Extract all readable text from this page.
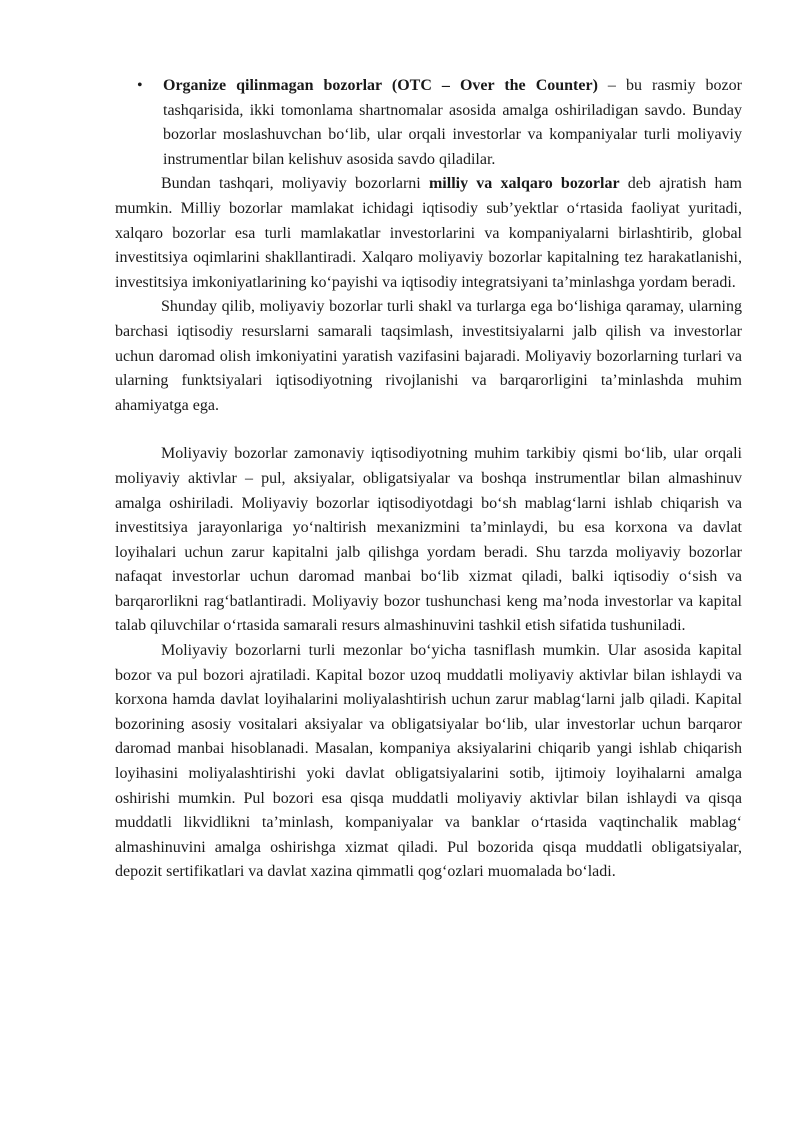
• Organize qilinmagan bozorlar (OTC – Over the Counter) – bu rasmiy bozor tashqarisida, ikki tomonlama shartnomalar asosida amalga oshiriladigan savdo. Bunday bozorlar moslashuvchan bo‘lib, ular orqali investorlar va kompaniyalar turli moliyaviy instrumentlar bilan kelishuv asosida savdo qiladilar.

Bundan tashqari, moliyaviy bozorlarni milliy va xalqaro bozorlar deb ajratish ham mumkin. Milliy bozorlar mamlakat ichidagi iqtisodiy sub’yektlar o‘rtasida faoliyat yuritadi, xalqaro bozorlar esa turli mamlakatlar investorlarini va kompaniyalarni birlashtirib, global investitsiya oqimlarini shakllantiradi. Xalqaro moliyaviy bozorlar kapitalning tez harakatlanishi, investitsiya imkoniyatlarining ko‘payishi va iqtisodiy integratsiyani ta’minlashga yordam beradi.

Shunday qilib, moliyaviy bozorlar turli shakl va turlarga ega bo‘lishiga qaramay, ularning barchasi iqtisodiy resurslarni samarali taqsimlash, investitsiyalarni jalb qilish va investorlar uchun daromad olish imkoniyatini yaratish vazifasini bajaradi. Moliyaviy bozorlarning turlari va ularning funktsiyalari iqtisodiyotning rivojlanishi va barqarorligini ta’minlashda muhim ahamiyatga ega.

Moliyaviy bozorlar zamonaviy iqtisodiyotning muhim tarkibiy qismi bo‘lib, ular orqali moliyaviy aktivlar – pul, aksiyalar, obligatsiyalar va boshqa instrumentlar bilan almashinuv amalga oshiriladi. Moliyaviy bozorlar iqtisodiyotdagi bo‘sh mablag‘larni ishlab chiqarish va investitsiya jarayonlariga yo‘naltirish mexanizmini ta’minlaydi, bu esa korxona va davlat loyihalari uchun zarur kapitalni jalb qilishga yordam beradi. Shu tarzda moliyaviy bozorlar nafaqat investorlar uchun daromad manbai bo‘lib xizmat qiladi, balki iqtisodiy o‘sish va barqarorlikni rag‘batlantiradi. Moliyaviy bozor tushunchasi keng ma’noda investorlar va kapital talab qiluvchilar o‘rtasida samarali resurs almashinuvini tashkil etish sifatida tushuniladi.

Moliyaviy bozorlarni turli mezonlar bo‘yicha tasniflash mumkin. Ular asosida kapital bozor va pul bozori ajratiladi. Kapital bozor uzoq muddatli moliyaviy aktivlar bilan ishlaydi va korxona hamda davlat loyihalarini moliyalashtirish uchun zarur mablag‘larni jalb qiladi. Kapital bozorining asosiy vositalari aksiyalar va obligatsiyalar bo‘lib, ular investorlar uchun barqaror daromad manbai hisoblanadi. Masalan, kompaniya aksiyalarini chiqarib yangi ishlab chiqarish loyihasini moliyalashtirishi yoki davlat obligatsiyalarini sotib, ijtimoiy loyihalarni amalga oshirishi mumkin. Pul bozori esa qisqa muddatli moliyaviy aktivlar bilan ishlaydi va qisqa muddatli likvidlikni ta’minlash, kompaniyalar va banklar o‘rtasida vaqtinchalik mablag‘ almashinuvini amalga oshirishga xizmat qiladi. Pul bozorida qisqa muddatli obligatsiyalar, depozit sertifikatlari va davlat xazina qimmatli qog‘ozlari muomalada bo‘ladi.
